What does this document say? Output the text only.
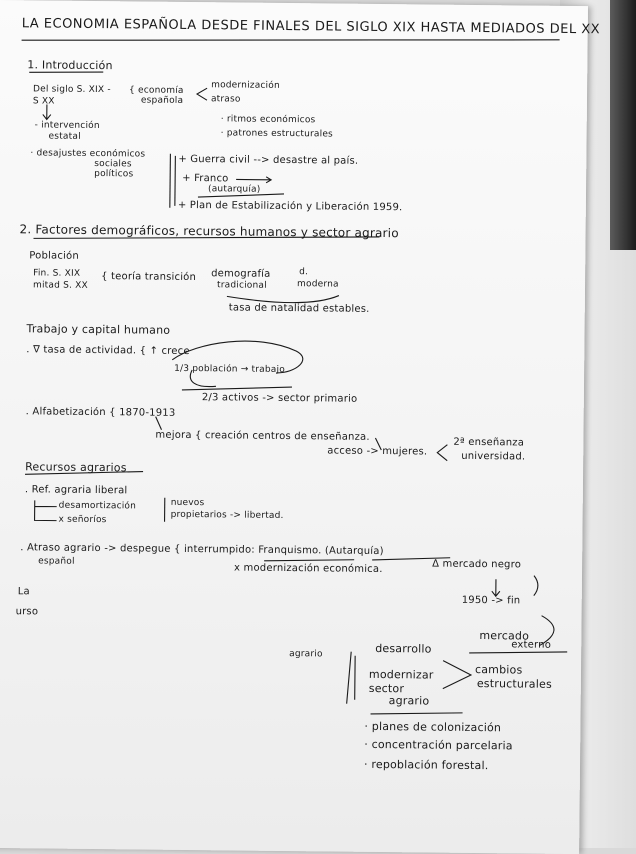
LA ECONOMIA ESPAÑOLA DESDE FINALES DEL SIGLO XIX HASTA MEDIADOS DEL XX
1. Introducción
Del siglo S. XIX -
S XX
{ economía
española
modernización
atraso
- intervención
estatal
· ritmos económicos
· patrones estructurales
· desajustes económicos
sociales
políticos
+ Guerra civil --> desastre al país.
+ Franco
(autarquía)
+ Plan de Estabilización y Liberación 1959.
2. Factores demográficos, recursos humanos y sector agrario
Población
Fin. S. XIX
mitad S. XX
{ teoría transición demografía
tradicional
d.
moderna
tasa de natalidad estables.
Trabajo y capital humano
. ∇ tasa de actividad. { ↑ crece
1/3 población → trabajo
2/3 activos -> sector primario
. Alfabetización { 1870-1913
mejora { creación centros de enseñanza.
acceso -> mujeres.
2ª enseñanza
universidad.
Recursos agrarios
. Ref. agraria liberal
desamortización
x señoríos
nuevos
propietarios -> libertad.
. Atraso agrario -> despegue { interrumpido: Franquismo. (Autarquía)
español
x modernización económica.	Δ mercado negro
1950 -> fin
La
urso
mercado
externo
agrario	desarrollo
modernizar
sector
agrario
cambios
estructurales
· planes de colonización
· concentración parcelaria
· repoblación forestal.
